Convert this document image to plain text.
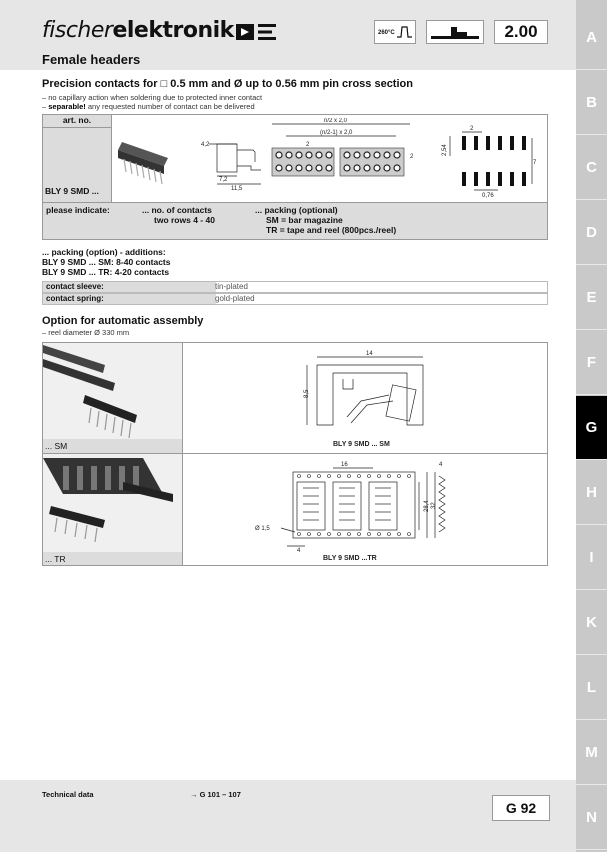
fischerelektronik	260°C	2.00
Female headers
A
B
C
D
E
F
G
H
I
K
L
M
N
Precision contacts for □ 0.5 mm and Ø up to 0.56 mm pin cross section
– no capillary action when soldering due to protected inner contact
– separable! any requested number of contact can be delivered
art. no.
BLY 9 SMD ...
4,2
7,2
11,5
n/2 x 2,0
(n/2-1) x 2,0
2
2
2
2,54
7
0,76
please indicate:	... no. of contacts
two rows 4 - 40
... packing (optional)
SM = bar magazine
TR = tape and reel (800pcs./reel)
... packing (option) - additions:
BLY 9 SMD ... SM: 8-40 contacts
BLY 9 SMD ... TR: 4-20 contacts
contact sleeve:	tin-plated
contact spring:	gold-plated
Option for automatic assembly
– reel diameter Ø 330 mm
... SM
14
8,5
BLY 9 SMD ... SM
... TR
16
28,4 32
4
Ø 1,5
4
BLY 9 SMD ...TR
Technical data	→ G 101 – 107
G 92
